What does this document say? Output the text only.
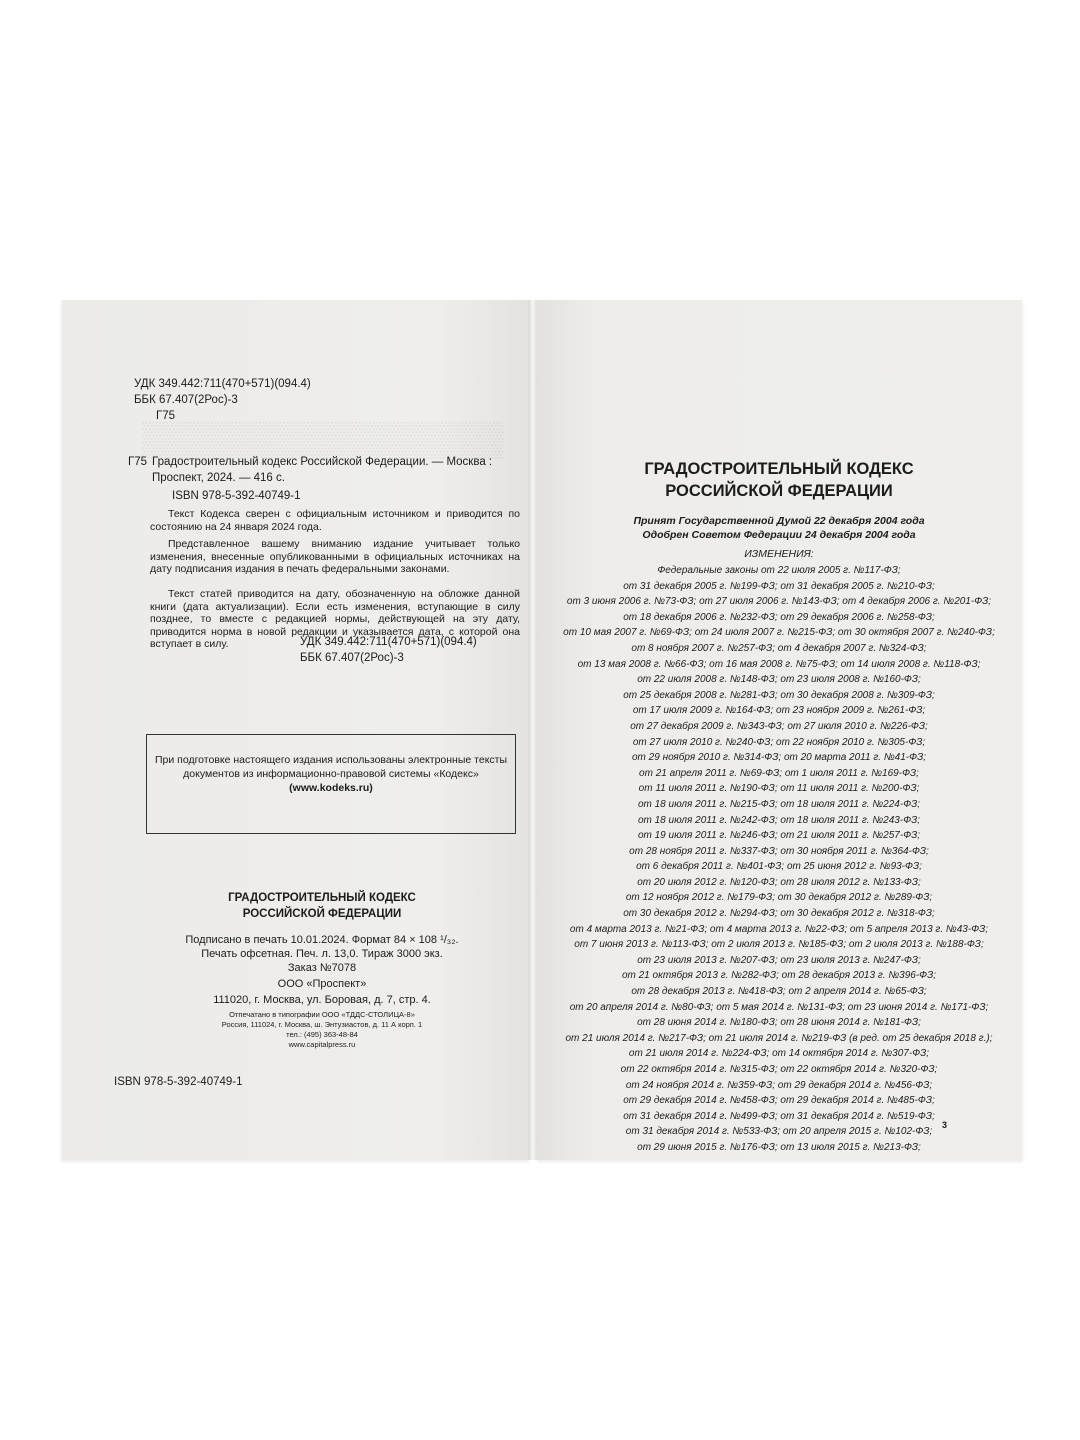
▒▒▒▒▒▒▒▒▒▒▒▒▒▒▒
УДК 349.442:711(470+571)(094.4)
ББК 67.407(2Рос)-3
Г75
Г75 Градостроительный кодекс Российской Федерации. — Москва :
Проспект, 2024. — 416 с.
ISBN 978-5-392-40749-1
Текст Кодекса сверен с официальным источником и приводится по состоянию на 24 января 2024 года.
Представленное вашему вниманию издание учитывает только изменения, внесенные опубликованными в официальных источниках на дату подписания издания в печать федеральными законами.
Текст статей приводится на дату, обозначенную на обложке данной книги (дата актуализации). Если есть изменения, вступающие в силу позднее, то вместе с редакцией нормы, действующей на эту дату, приводится норма в новой редакции и указывается дата, с которой она вступает в силу.	УДК 349.442:711(470+571)(094.4)
ББК 67.407(2Рос)-3
При подготовке настоящего издания использованы электронные тексты документов из информационно-правовой системы «Кодекс»
(www.kodeks.ru)
ГРАДОСТРОИТЕЛЬНЫЙ КОДЕКС
РОССИЙСКОЙ ФЕДЕРАЦИИ
Подписано в печать 10.01.2024. Формат 84 × 108 ¹/₃₂.
Печать офсетная. Печ. л. 13,0. Тираж 3000 экз.
Заказ №7078
ООО «Проспект»
111020, г. Москва, ул. Боровая, д. 7, стр. 4.
Отпечатано в типографии ООО «ТДДС-СТОЛИЦА-8»
Россия, 111024, г. Москва, ш. Энтузиастов, д. 11 А корп. 1
тел.: (495) 363-48-84
www.capitalpress.ru
ISBN 978-5-392-40749-1
ГРАДОСТРОИТЕЛЬНЫЙ КОДЕКС
РОССИЙСКОЙ ФЕДЕРАЦИИ
Принят Государственной Думой 22 декабря 2004 года
Одобрен Советом Федерации 24 декабря 2004 года
ИЗМЕНЕНИЯ:
Федеральные законы от 22 июля 2005 г. №117-ФЗ;
от 31 декабря 2005 г. №199-ФЗ; от 31 декабря 2005 г. №210-ФЗ;
от 3 июня 2006 г. №73-ФЗ; от 27 июля 2006 г. №143-ФЗ; от 4 декабря 2006 г. №201-ФЗ;
от 18 декабря 2006 г. №232-ФЗ; от 29 декабря 2006 г. №258-ФЗ;
от 10 мая 2007 г. №69-ФЗ; от 24 июля 2007 г. №215-ФЗ; от 30 октября 2007 г. №240-ФЗ;
от 8 ноября 2007 г. №257-ФЗ; от 4 декабря 2007 г. №324-ФЗ;
от 13 мая 2008 г. №66-ФЗ; от 16 мая 2008 г. №75-ФЗ; от 14 июля 2008 г. №118-ФЗ;
от 22 июля 2008 г. №148-ФЗ; от 23 июля 2008 г. №160-ФЗ;
от 25 декабря 2008 г. №281-ФЗ; от 30 декабря 2008 г. №309-ФЗ;
от 17 июля 2009 г. №164-ФЗ; от 23 ноября 2009 г. №261-ФЗ;
от 27 декабря 2009 г. №343-ФЗ; от 27 июля 2010 г. №226-ФЗ;
от 27 июля 2010 г. №240-ФЗ; от 22 ноября 2010 г. №305-ФЗ;
от 29 ноября 2010 г. №314-ФЗ; от 20 марта 2011 г. №41-ФЗ;
от 21 апреля 2011 г. №69-ФЗ; от 1 июля 2011 г. №169-ФЗ;
от 11 июля 2011 г. №190-ФЗ; от 11 июля 2011 г. №200-ФЗ;
от 18 июля 2011 г. №215-ФЗ; от 18 июля 2011 г. №224-ФЗ;
от 18 июля 2011 г. №242-ФЗ; от 18 июля 2011 г. №243-ФЗ;
от 19 июля 2011 г. №246-ФЗ; от 21 июля 2011 г. №257-ФЗ;
от 28 ноября 2011 г. №337-ФЗ; от 30 ноября 2011 г. №364-ФЗ;
от 6 декабря 2011 г. №401-ФЗ; от 25 июня 2012 г. №93-ФЗ;
от 20 июля 2012 г. №120-ФЗ; от 28 июля 2012 г. №133-ФЗ;
от 12 ноября 2012 г. №179-ФЗ; от 30 декабря 2012 г. №289-ФЗ;
от 30 декабря 2012 г. №294-ФЗ; от 30 декабря 2012 г. №318-ФЗ;
от 4 марта 2013 г. №21-ФЗ; от 4 марта 2013 г. №22-ФЗ; от 5 апреля 2013 г. №43-ФЗ;
от 7 июня 2013 г. №113-ФЗ; от 2 июля 2013 г. №185-ФЗ; от 2 июля 2013 г. №188-ФЗ;
от 23 июля 2013 г. №207-ФЗ; от 23 июля 2013 г. №247-ФЗ;
от 21 октября 2013 г. №282-ФЗ; от 28 декабря 2013 г. №396-ФЗ;
от 28 декабря 2013 г. №418-ФЗ; от 2 апреля 2014 г. №65-ФЗ;
от 20 апреля 2014 г. №80-ФЗ; от 5 мая 2014 г. №131-ФЗ; от 23 июня 2014 г. №171-ФЗ;
от 28 июня 2014 г. №180-ФЗ; от 28 июня 2014 г. №181-ФЗ;
от 21 июля 2014 г. №217-ФЗ; от 21 июля 2014 г. №219-ФЗ (в ред. от 25 декабря 2018 г.);
от 21 июля 2014 г. №224-ФЗ; от 14 октября 2014 г. №307-ФЗ;
от 22 октября 2014 г. №315-ФЗ; от 22 октября 2014 г. №320-ФЗ;
от 24 ноября 2014 г. №359-ФЗ; от 29 декабря 2014 г. №456-ФЗ;
от 29 декабря 2014 г. №458-ФЗ; от 29 декабря 2014 г. №485-ФЗ;
от 31 декабря 2014 г. №499-ФЗ; от 31 декабря 2014 г. №519-ФЗ;
от 31 декабря 2014 г. №533-ФЗ; от 20 апреля 2015 г. №102-ФЗ;
от 29 июня 2015 г. №176-ФЗ; от 13 июля 2015 г. №213-ФЗ;
3
